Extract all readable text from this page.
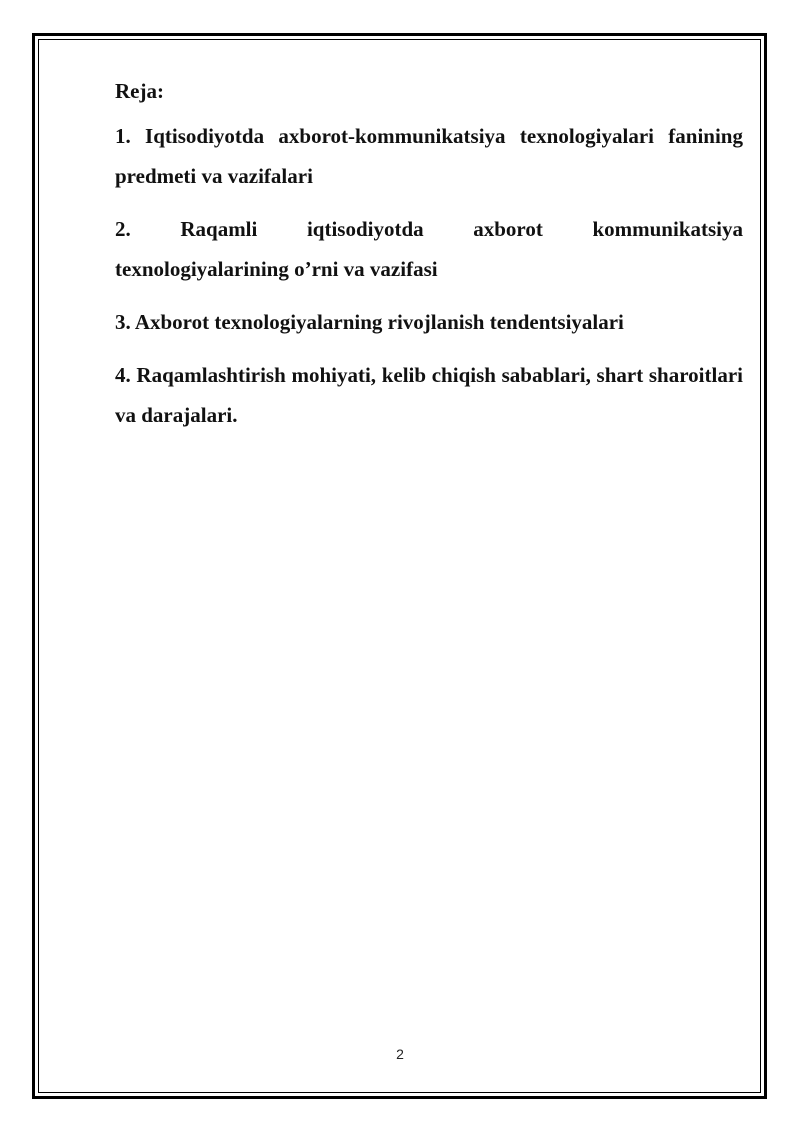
Reja:
1. Iqtisodiyotda axborot-kommunikatsiya texnologiyalari fanining predmeti va vazifalari
2. Raqamli iqtisodiyotda axborot kommunikatsiya texnologiyalarining o’rni va vazifasi
3. Axborot texnologiyalarning rivojlanish tendentsiyalari
4. Raqamlashtirish mohiyati, kelib chiqish sabablari, shart sharoitlari va darajalari.
2
